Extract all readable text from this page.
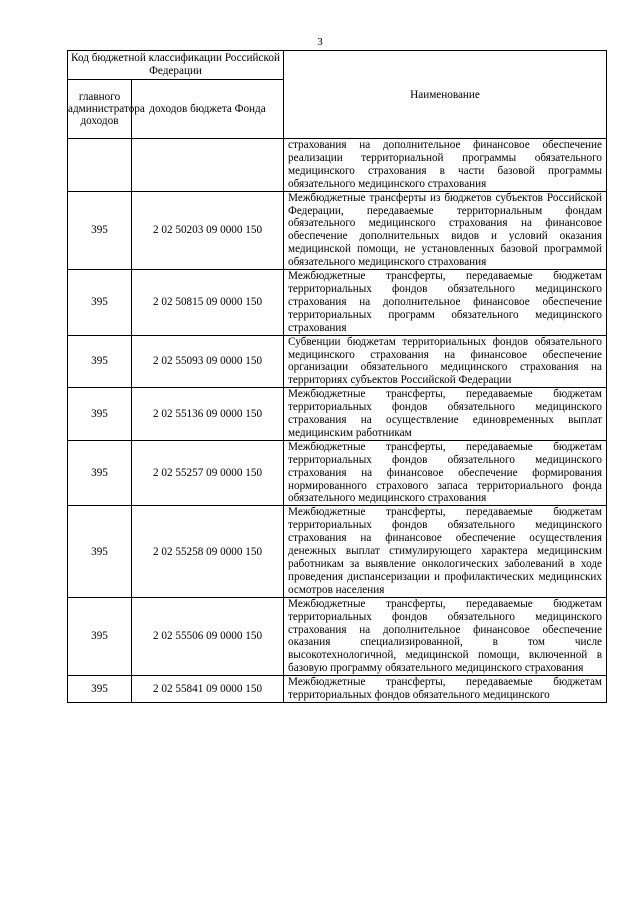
3
Код бюджетной классификации Российской Федерации		Наименование
главного администратора доходов	доходов бюджета Фонда	
		страхования на дополнительное финансовое обеспечение реализации территориальной программы обязательного медицинского страхования в части базовой программы обязательного медицинского страхования
395	2 02 50203 09 0000 150	Межбюджетные трансферты из бюджетов субъектов Российской Федерации, передаваемые территориальным фондам обязательного медицинского страхования на финансовое обеспечение дополнительных видов и условий оказания медицинской помощи, не установленных базовой программой обязательного медицинского страхования
395	2 02 50815 09 0000 150	Межбюджетные трансферты, передаваемые бюджетам территориальных фондов обязательного медицинского страхования на дополнительное финансовое обеспечение территориальных программ обязательного медицинского страхования
395	2 02 55093 09 0000 150	Субвенции бюджетам территориальных фондов обязательного медицинского страхования на финансовое обеспечение организации обязательного медицинского страхования на территориях субъектов Российской Федерации
395	2 02 55136 09 0000 150	Межбюджетные трансферты, передаваемые бюджетам территориальных фондов обязательного медицинского страхования на осуществление единовременных выплат медицинским работникам
395	2 02 55257 09 0000 150	Межбюджетные трансферты, передаваемые бюджетам территориальных фондов обязательного медицинского страхования на финансовое обеспечение формирования нормированного страхового запаса территориального фонда обязательного медицинского страхования
395	2 02 55258 09 0000 150	Межбюджетные трансферты, передаваемые бюджетам территориальных фондов обязательного медицинского страхования на финансовое обеспечение осуществления денежных выплат стимулирующего характера медицинским работникам за выявление онкологических заболеваний в ходе проведения диспансеризации и профилактических медицинских осмотров населения
395	2 02 55506 09 0000 150	Межбюджетные трансферты, передаваемые бюджетам территориальных фондов обязательного медицинского страхования на дополнительное финансовое обеспечение оказания специализированной, в том числе высокотехнологичной, медицинской помощи, включенной в базовую программу обязательного медицинского страхования
395	2 02 55841 09 0000 150	Межбюджетные трансферты, передаваемые бюджетам территориальных фондов обязательного медицинского
